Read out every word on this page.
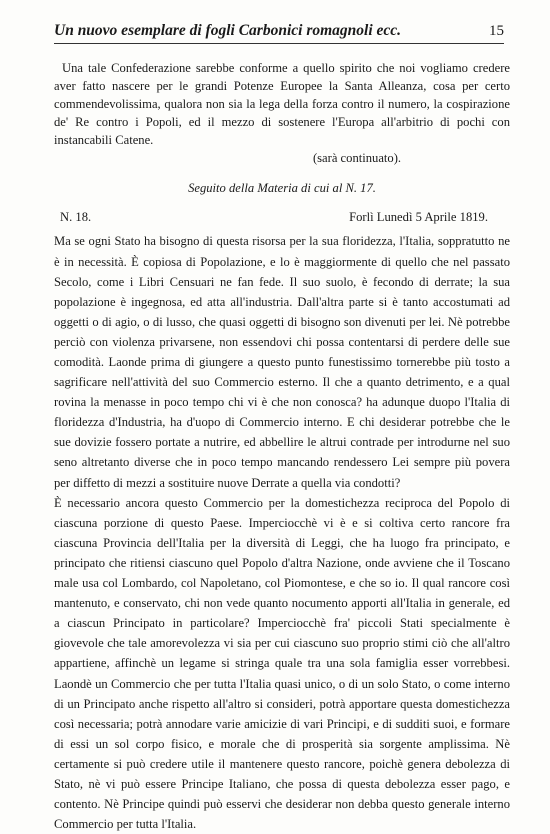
Un nuovo esemplare di fogli Carbonici romagnoli ecc.	15

Una tale Confederazione sarebbe conforme a quello spirito che noi vogliamo credere aver fatto nascere per le grandi Potenze Europee la Santa Alleanza, cosa per certo commendevolissima, qualora non sia la lega della forza contro il numero, la cospirazione de' Re contro i Popoli, ed il mezzo di sostenere l'Europa all'arbitrio di pochi con instancabili Catene.

(sarà continuato).

Seguito della Materia di cui al N. 17.
N. 18.	Forlì Lunedì 5 Aprile 1819.

Ma se ogni Stato ha bisogno di questa risorsa per la sua floridezza, l'Italia, soppratutto ne è in necessità. È copiosa di Popolazione, e lo è maggiormente di quello che nel passato Secolo, come i Libri Censuari ne fan fede. Il suo suolo, è fecondo di derrate; la sua popolazione è ingegnosa, ed atta all'industria. Dall'altra parte si è tanto accostumati ad oggetti o di agio, o di lusso, che quasi oggetti di bisogno son divenuti per lei. Nè potrebbe perciò con violenza privarsene, non essendovi chi possa contentarsi di perdere delle sue comodità. Laonde prima di giungere a questo punto funestissimo tornerebbe più tosto a sagrificare nell'attività del suo Commercio esterno. Il che a quanto detrimento, e a qual rovina la menasse in poco tempo chi vi è che non conosca? ha adunque duopo l'Italia di floridezza d'Industria, ha d'uopo di Commercio interno. E chi desiderar potrebbe che le sue dovizie fossero portate a nutrire, ed abbellire le altrui contrade per introdurne nel suo seno altretanto diverse che in poco tempo mancando rendessero Lei sempre più povera per diffetto di mezzi a sostituire nuove Derrate a quella via condotti?

È necessario ancora questo Commercio per la domestichezza reciproca del Popolo di ciascuna porzione di questo Paese. Imperciocchè vi è e si coltiva certo rancore fra ciascuna Provincia dell'Italia per la diversità di Leggi, che ha luogo fra principato, e principato che ritiensi ciascuno quel Popolo d'altra Nazione, onde avviene che il Toscano male usa col Lombardo, col Napoletano, col Piomontese, e che so io. Il qual rancore così mantenuto, e conservato, chi non vede quanto nocumento apporti all'Italia in generale, ed a ciascun Principato in particolare? Imperciocchè fra' piccoli Stati specialmente è giovevole che tale amorevolezza vi sia per cui ciascuno suo proprio stimi ciò che all'altro appartiene, affinchè un legame si stringa quale tra una sola famiglia esser vorrebbesi. Laondè un Commercio che per tutta l'Italia quasi unico, o di un solo Stato, o come interno di un Principato anche rispetto all'altro si consideri, potrà apportare questa domestichezza così necessaria; potrà annodare varie amicizie di vari Principi, e di sudditi suoi, e formare di essi un sol corpo fisico, e morale che di prosperità sia sorgente amplissima. Nè certamente si può credere utile il mantenere questo rancore, poichè genera debolezza di Stato, nè vi può essere Principe Italiano, che possa di questa debolezza esser pago, e contento. Nè Principe quindi può esservi che desiderar non debba questo generale interno Commercio per tutta l'Italia.
